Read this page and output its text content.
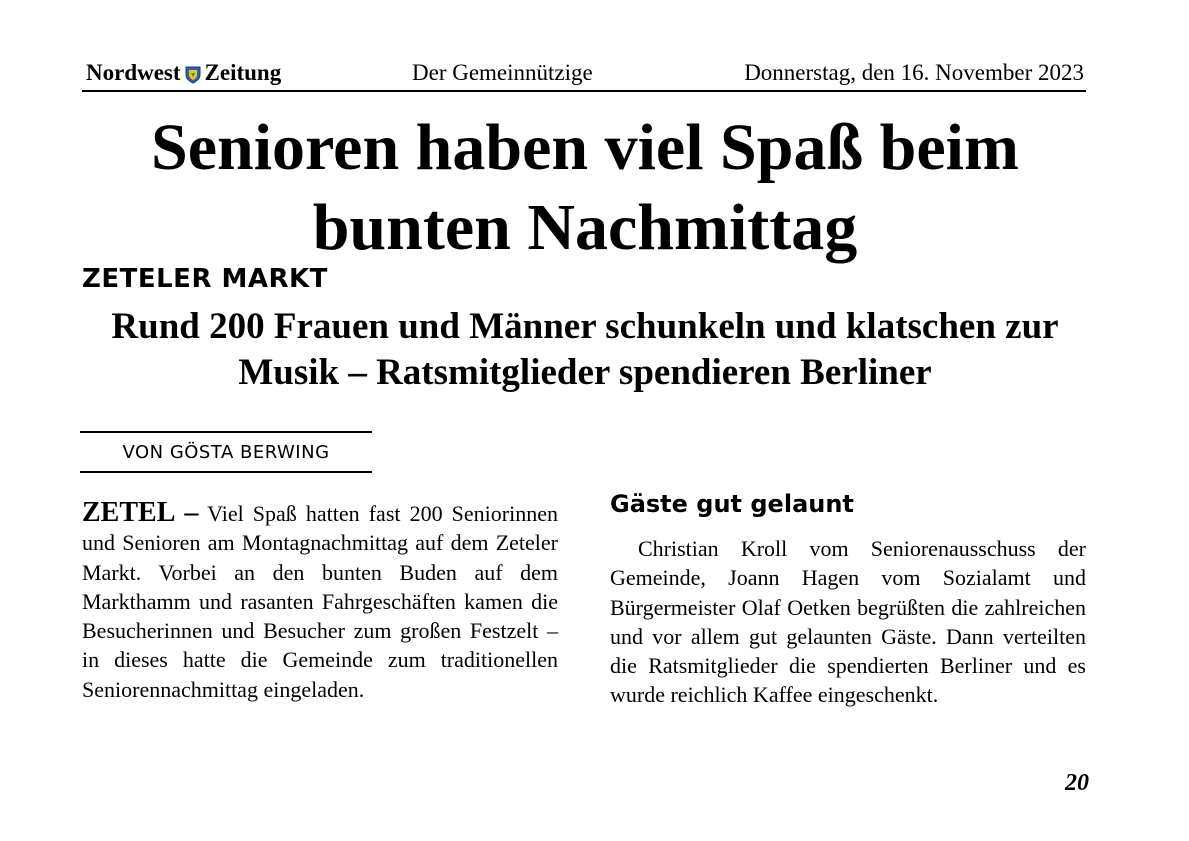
Nordwest Zeitung	Der Gemeinnützige	Donnerstag, den 16. November 2023
Senioren haben viel Spaß beim bunten Nachmittag
ZETELER MARKT
Rund 200 Frauen und Männer schunkeln und klatschen zur Musik – Ratsmitglieder spendieren Berliner
VON GÖSTA BERWING

ZETEL – Viel Spaß hatten fast 200 Seniorinnen und Senioren am Montagnachmittag auf dem Zeteler Markt. Vorbei an den bunten Buden auf dem Markthamm und rasanten Fahrgeschäften kamen die Besucherinnen und Besucher zum großen Festzelt – in dieses hatte die Gemeinde zum traditionellen Seniorennachmittag eingeladen.

Gäste gut gelaunt

Christian Kroll vom Seniorenausschuss der Gemeinde, Joann Hagen vom Sozialamt und Bürgermeister Olaf Oetken begrüßten die zahlreichen und vor allem gut gelaunten Gäste. Dann verteilten die Ratsmitglieder die spendierten Berliner und es wurde reichlich Kaffee eingeschenkt.

20
